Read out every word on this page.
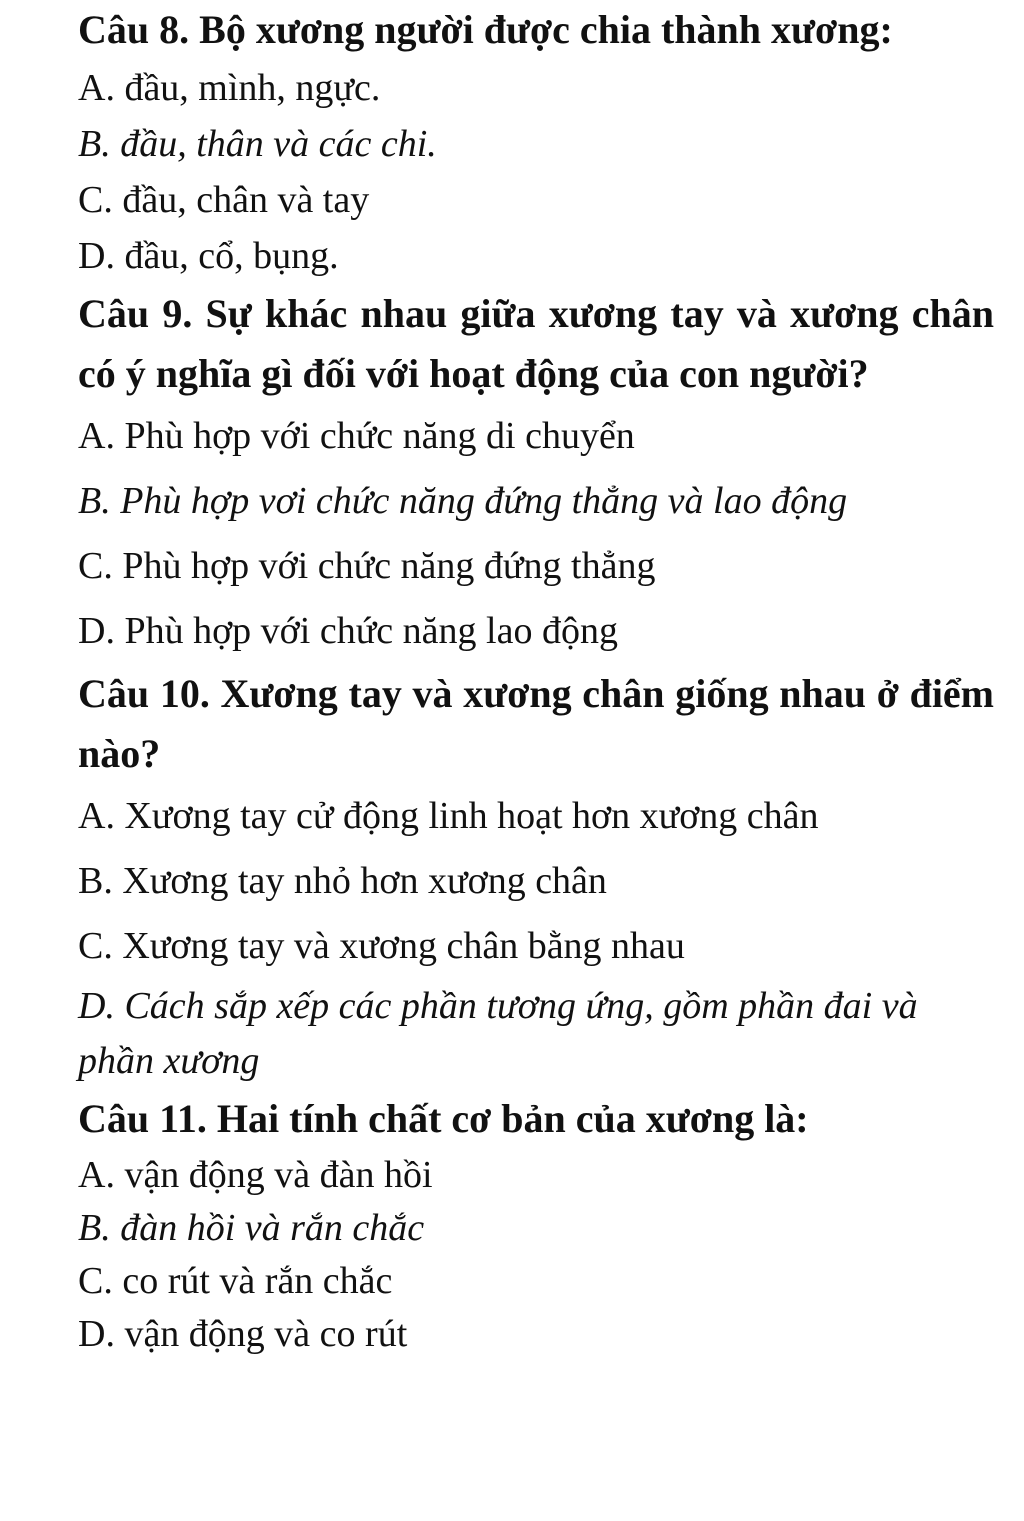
Câu 8. Bộ xương người được chia thành xương:

A. đầu, mình, ngực.

B. đầu, thân và các chi.

C. đầu, chân và tay

D. đầu, cổ, bụng.

Câu 9. Sự khác nhau giữa xương tay và xương chân có ý nghĩa gì đối với hoạt động của con người?

A. Phù hợp với chức năng di chuyển

B. Phù hợp vơi chức năng đứng thẳng và lao động

C. Phù hợp với chức năng đứng thẳng

D. Phù hợp với chức năng lao động

Câu 10. Xương tay và xương chân giống nhau ở điểm nào?

A. Xương tay cử động linh hoạt hơn xương chân

B. Xương tay nhỏ hơn xương chân

C. Xương tay và xương chân bằng nhau

D. Cách sắp xếp các phần tương ứng, gồm phần đai và phần xương

Câu 11. Hai tính chất cơ bản của xương là:

A. vận động và đàn hồi

B. đàn hồi và rắn chắc

C. co rút và rắn chắc

D. vận động và co rút
